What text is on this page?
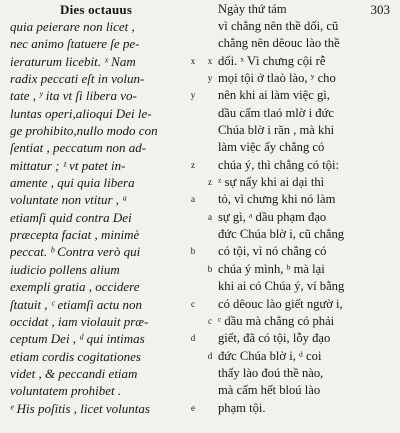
Dies octauus	Ngày thứ tám	303
quia peierare non licet ,
nec animo ſtatuere ſe pe-
ieraturum licebit. ˣ Nam
radix peccati eſt in volun-
tate , ʸ ita vt ſi libera vo-
luntas operi,alioqui Dei le-
ge prohibito,nullo modo con
ſentiat , peccatum non ad-
mittatur ; ᶻ vt patet in-
amente , qui quia libera
voluntate non vtitur , ᵃ
etiamſi quid contra Dei
præcepta faciat , minimè
peccat. ᵇ Contra verò qui
iudicio pollens alium
exempli gratia , occidere
ſtatuit , ᶜ etiamſi actu non
occidat , iam violauit præ-
ceptum Dei , ᵈ qui intimas
etiam cordis cogitationes
videt , & peccandi etiam
voluntatem prohibet .
ᵉ His poſitis , licet voluntas
x
y
z
a
b
c
d
e
x
y
z
a
b
c
d
vì chẳng nên thề dối, cũ
chẳng nên dêouc lào thề
dối. ˣ Vì chưng cội rễ
mọi tội ở tlaò lào, ʸ cho
nên khi ai làm việc gì,
dầu cấm tlaó mlờ i đức
Chúa blờ i răn , mà khi
làm việc ấy chẳng có
chúa ý, thì chẳng có tội:
ᶻ sự nẩy khi ai dại thì
tỏ, vì chưng khi nó làm
sự gì, ᵃ dầu phạm đạo
đức Chúa blờ i, cũ chẳng
có tội, vì nó chẳng có
chúa ý mình, ᵇ mà lại
khi ai có Chúa ý, ví bằng
có dêouc lào giết ngườ i,
ᶜ dầu mà chẳng có phải
giết, đã có tội, lỗy đạo
đức Chúa blờ i, ᵈ coi
thấy lào đoú thề nào,
mà cấm hết bloú lào
phạm tội.
